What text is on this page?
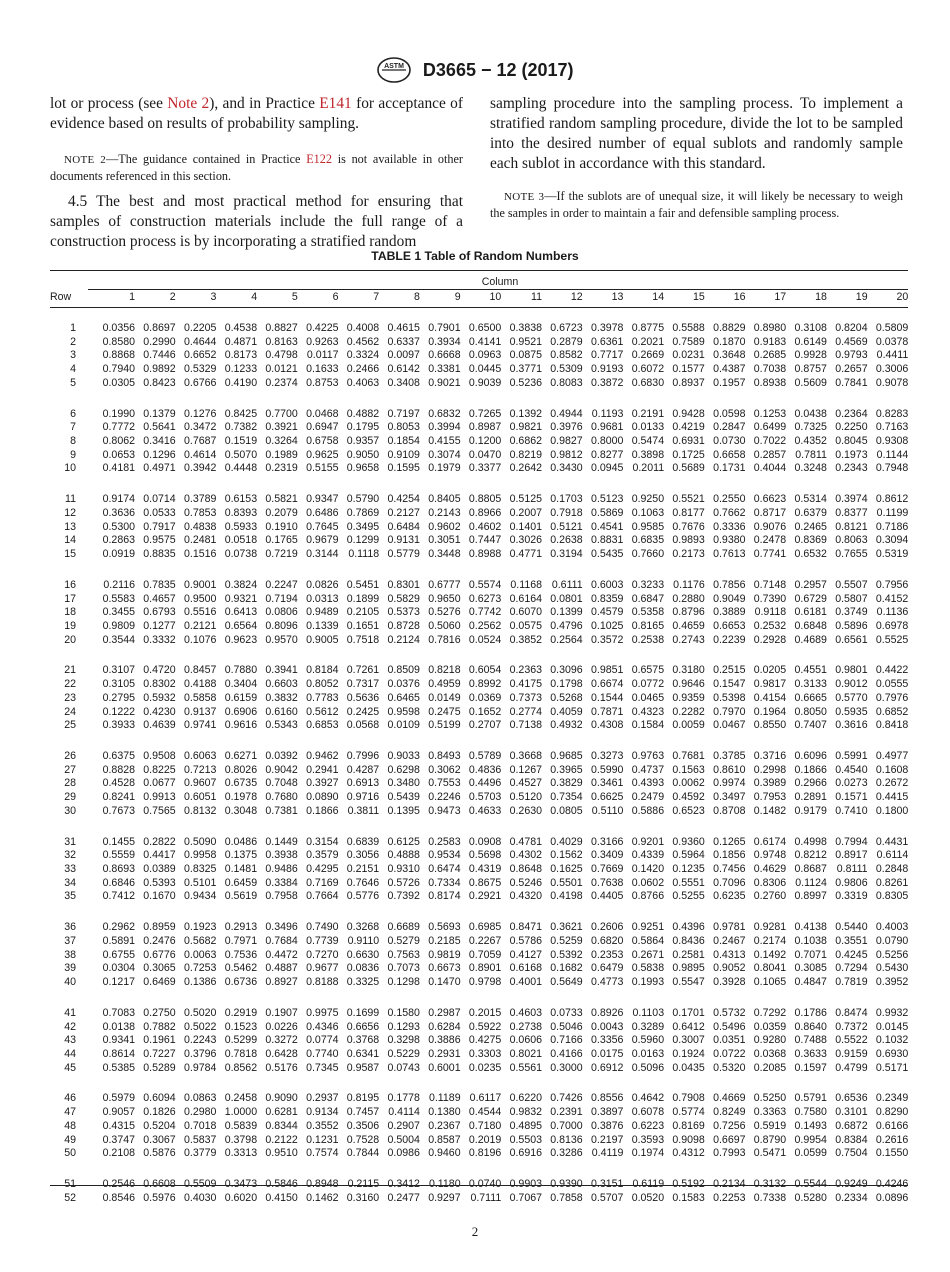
ASTM D3665 − 12 (2017)

lot or process (see Note 2), and in Practice E141 for acceptance of evidence based on results of probability sampling.

NOTE 2—The guidance contained in Practice E122 is not available in other documents referenced in this section.

4.5 The best and most practical method for ensuring that samples of construction materials include the full range of a construction process is by incorporating a stratified random

sampling procedure into the sampling process. To implement a stratified random sampling procedure, divide the lot to be sampled into the desired number of equal sublots and randomly sample each sublot in accordance with this standard.

NOTE 3—If the sublots are of unequal size, it will likely be necessary to weigh the samples in order to maintain a fair and defensible sampling process.

TABLE 1 Table of Random Numbers
Column
Row	1	2	3	4	5	6	7	8	9	10	11	12	13	14	15	16	17	18	19	20
1	0.0356 0.8697 0.2205 0.4538 0.8827 0.4225 0.4008 0.4615 0.7901 0.6500 0.3838 0.6723 0.3978 0.8775 0.5588 0.8829 0.8980 0.3108 0.8204 0.5809
2	0.8580 0.2990 0.4644 0.4871 0.8163 0.9263 0.4562 0.6337 0.3934 0.4141 0.9521 0.2879 0.6361 0.2021 0.7589 0.1870 0.9183 0.6149 0.4569 0.0378
3	0.8868 0.7446 0.6652 0.8173 0.4798 0.0117 0.3324 0.0097 0.6668 0.0963 0.0875 0.8582 0.7717 0.2669 0.0231 0.3648 0.2685 0.9928 0.9793 0.4411
4	0.7940 0.9892 0.5329 0.1233 0.0121 0.1633 0.2466 0.6142 0.3381 0.0445 0.3771 0.5309 0.9193 0.6072 0.1577 0.4387 0.7038 0.8757 0.2657 0.3006
5	0.0305 0.8423 0.6766 0.4190 0.2374 0.8753 0.4063 0.3408 0.9021 0.9039 0.5236 0.8083 0.3872 0.6830 0.8937 0.1957 0.8938 0.5609 0.7841 0.9078
6	0.1990 0.1379 0.1276 0.8425 0.7700 0.0468 0.4882 0.7197 0.6832 0.7265 0.1392 0.4944 0.1193 0.2191 0.9428 0.0598 0.1253 0.0438 0.2364 0.8283
7	0.7772 0.5641 0.3472 0.7382 0.3921 0.6947 0.1795 0.8053 0.3994 0.8987 0.9821 0.3976 0.9681 0.0133 0.4219 0.2847 0.6499 0.7325 0.2250 0.7163
8	0.8062 0.3416 0.7687 0.1519 0.3264 0.6758 0.9357 0.1854 0.4155 0.1200 0.6862 0.9827 0.8000 0.5474 0.6931 0.0730 0.7022 0.4352 0.8045 0.9308
9	0.0653 0.1296 0.4614 0.5070 0.1989 0.9625 0.9050 0.9109 0.3074 0.0470 0.8219 0.9812 0.8277 0.3898 0.1725 0.6658 0.2857 0.7811 0.1973 0.1144
10	0.4181 0.4971 0.3942 0.4448 0.2319 0.5155 0.9658 0.1595 0.1979 0.3377 0.2642 0.3430 0.0945 0.2011 0.5689 0.1731 0.4044 0.3248 0.2343 0.7948
11	0.9174 0.0714 0.3789 0.6153 0.5821 0.9347 0.5790 0.4254 0.8405 0.8805 0.5125 0.1703 0.5123 0.9250 0.5521 0.2550 0.6623 0.5314 0.3974 0.8612
12	0.3636 0.0533 0.7853 0.8393 0.2079 0.6486 0.7869 0.2127 0.2143 0.8966 0.2007 0.7918 0.5869 0.1063 0.8177 0.7662 0.8717 0.6379 0.8377 0.1199
13	0.5300 0.7917 0.4838 0.5933 0.1910 0.7645 0.3495 0.6484 0.9602 0.4602 0.1401 0.5121 0.4541 0.9585 0.7676 0.3336 0.9076 0.2465 0.8121 0.7186
14	0.2863 0.9575 0.2481 0.0518 0.1765 0.9679 0.1299 0.9131 0.3051 0.7447 0.3026 0.2638 0.8831 0.6835 0.9893 0.9380 0.2478 0.8369 0.8063 0.3094
15	0.0919 0.8835 0.1516 0.0738 0.7219 0.3144 0.1118 0.5779 0.3448 0.8988 0.4771 0.3194 0.5435 0.7660 0.2173 0.7613 0.7741 0.6532 0.7655 0.5319
16	0.2116 0.7835 0.9001 0.3824 0.2247 0.0826 0.5451 0.8301 0.6777 0.5574 0.1168 0.6111 0.6003 0.3233 0.1176 0.7856 0.7148 0.2957 0.5507 0.7956
17	0.5583 0.4657 0.9500 0.9321 0.7194 0.0313 0.1899 0.5829 0.9650 0.6273 0.6164 0.0801 0.8359 0.6847 0.2880 0.9049 0.7390 0.6729 0.5807 0.4152
18	0.3455 0.6793 0.5516 0.6413 0.0806 0.9489 0.2105 0.5373 0.5276 0.7742 0.6070 0.1399 0.4579 0.5358 0.8796 0.3889 0.9118 0.6181 0.3749 0.1136
19	0.9809 0.1277 0.2121 0.6564 0.8096 0.1339 0.1651 0.8728 0.5060 0.2562 0.0575 0.4796 0.1025 0.8165 0.4659 0.6653 0.2532 0.6848 0.5896 0.6978
20	0.3544 0.3332 0.1076 0.9623 0.9570 0.9005 0.7518 0.2124 0.7816 0.0524 0.3852 0.2564 0.3572 0.2538 0.2743 0.2239 0.2928 0.4689 0.6561 0.5525
21	0.3107 0.4720 0.8457 0.7880 0.3941 0.8184 0.7261 0.8509 0.8218 0.6054 0.2363 0.3096 0.9851 0.6575 0.3180 0.2515 0.0205 0.4551 0.9801 0.4422
22	0.3105 0.8302 0.4188 0.3404 0.6603 0.8052 0.7317 0.0376 0.4959 0.8992 0.4175 0.1798 0.6674 0.0772 0.9646 0.1547 0.9817 0.3133 0.9012 0.0555
23	0.2795 0.5932 0.5858 0.6159 0.3832 0.7783 0.5636 0.6465 0.0149 0.0369 0.7373 0.5268 0.1544 0.0465 0.9359 0.5398 0.4154 0.6665 0.5770 0.7976
24	0.1222 0.4230 0.9137 0.6906 0.6160 0.5612 0.2425 0.9598 0.2475 0.1652 0.2774 0.4059 0.7871 0.4323 0.2282 0.7970 0.1964 0.8050 0.5935 0.6852
25	0.3933 0.4639 0.9741 0.9616 0.5343 0.6853 0.0568 0.0109 0.5199 0.2707 0.7138 0.4932 0.4308 0.1584 0.0059 0.0467 0.8550 0.7407 0.3616 0.8418
26	0.6375 0.9508 0.6063 0.6271 0.0392 0.9462 0.7996 0.9033 0.8493 0.5789 0.3668 0.9685 0.3273 0.9763 0.7681 0.3785 0.3716 0.6096 0.5991 0.4977
27	0.8828 0.8225 0.7213 0.8026 0.9042 0.2941 0.4287 0.6298 0.3062 0.4836 0.1267 0.3965 0.5990 0.4737 0.1563 0.8610 0.2998 0.1866 0.4540 0.1608
28	0.4528 0.0677 0.9607 0.6735 0.7048 0.3927 0.6913 0.3480 0.7553 0.4496 0.4527 0.3829 0.3461 0.4393 0.0062 0.9974 0.3989 0.2966 0.0273 0.2672
29	0.8241 0.9913 0.6051 0.1978 0.7680 0.0890 0.9716 0.5439 0.2246 0.5703 0.5120 0.7354 0.6625 0.2479 0.4592 0.3497 0.7953 0.2891 0.1571 0.4415
30	0.7673 0.7565 0.8132 0.3048 0.7381 0.1866 0.3811 0.1395 0.9473 0.4633 0.2630 0.0805 0.5110 0.5886 0.6523 0.8708 0.1482 0.9179 0.7410 0.1800
31	0.1455 0.2822 0.5090 0.0486 0.1449 0.3154 0.6839 0.6125 0.2583 0.0908 0.4781 0.4029 0.3166 0.9201 0.9360 0.1265 0.6174 0.4998 0.7994 0.4431
32	0.5559 0.4417 0.9958 0.1375 0.3938 0.3579 0.3056 0.4888 0.9534 0.5698 0.4302 0.1562 0.3409 0.4339 0.5964 0.1856 0.9748 0.8212 0.8917 0.6114
33	0.8693 0.0389 0.8325 0.1481 0.9486 0.4295 0.2151 0.9310 0.6474 0.4319 0.8648 0.1625 0.7669 0.1420 0.1235 0.7456 0.4629 0.8687 0.8111 0.2848
34	0.6846 0.5393 0.5101 0.6459 0.3384 0.7169 0.7646 0.5726 0.7334 0.8675 0.5246 0.5501 0.7638 0.0602 0.5551 0.7096 0.8306 0.1124 0.9806 0.8261
35	0.7412 0.1670 0.9434 0.5619 0.7958 0.7664 0.5776 0.7392 0.8174 0.2921 0.4320 0.4198 0.4405 0.8766 0.5255 0.6235 0.2760 0.8997 0.3319 0.8305
36	0.2962 0.8959 0.1923 0.2913 0.3496 0.7490 0.3268 0.6689 0.5693 0.6985 0.8471 0.3621 0.2606 0.9251 0.4396 0.9781 0.9281 0.4138 0.5440 0.4003
37	0.5891 0.2476 0.5682 0.7971 0.7684 0.7739 0.9110 0.5279 0.2185 0.2267 0.5786 0.5259 0.6820 0.5864 0.8436 0.2467 0.2174 0.1038 0.3551 0.0790
38	0.6755 0.6776 0.0063 0.7536 0.4472 0.7270 0.6630 0.7563 0.9819 0.7059 0.4127 0.5392 0.2353 0.2671 0.2581 0.4313 0.1492 0.7071 0.4245 0.5256
39	0.0304 0.3065 0.7253 0.5462 0.4887 0.9677 0.0836 0.7073 0.6673 0.8901 0.6168 0.1682 0.6479 0.5838 0.9895 0.9052 0.8041 0.3085 0.7294 0.5430
40	0.1217 0.6469 0.1386 0.6736 0.8927 0.8188 0.3325 0.1298 0.1470 0.9798 0.4001 0.5649 0.4773 0.1993 0.5547 0.3928 0.1065 0.4847 0.7819 0.3952
41	0.7083 0.2750 0.5020 0.2919 0.1907 0.9975 0.1699 0.1580 0.2987 0.2015 0.4603 0.0733 0.8926 0.1103 0.1701 0.5732 0.7292 0.1786 0.8474 0.9932
42	0.0138 0.7882 0.5022 0.1523 0.0226 0.4346 0.6656 0.1293 0.6284 0.5922 0.2738 0.5046 0.0043 0.3289 0.6412 0.5496 0.0359 0.8640 0.7372 0.0145
43	0.9341 0.1961 0.2243 0.5299 0.3272 0.0774 0.3768 0.3298 0.3886 0.4275 0.0606 0.7166 0.3356 0.5960 0.3007 0.0351 0.9280 0.7488 0.5522 0.1032
44	0.8614 0.7227 0.3796 0.7818 0.6428 0.7740 0.6341 0.5229 0.2931 0.3303 0.8021 0.4166 0.0175 0.0163 0.1924 0.0722 0.0368 0.3633 0.9159 0.6930
45	0.5385 0.5289 0.9784 0.8562 0.5176 0.7345 0.9587 0.0743 0.6001 0.0235 0.5561 0.3000 0.6912 0.5096 0.0435 0.5320 0.2085 0.1597 0.4799 0.5171
46	0.5979 0.6094 0.0863 0.2458 0.9090 0.2937 0.8195 0.1778 0.1189 0.6117 0.6220 0.7426 0.8556 0.4642 0.7908 0.4669 0.5250 0.5791 0.6536 0.2349
47	0.9057 0.1826 0.2980 1.0000 0.6281 0.9134 0.7457 0.4114 0.1380 0.4544 0.9832 0.2391 0.3897 0.6078 0.5774 0.8249 0.3363 0.7580 0.3101 0.8290
48	0.4315 0.5204 0.7018 0.5839 0.8344 0.3552 0.3506 0.2907 0.2367 0.7180 0.4895 0.7000 0.3876 0.6223 0.8169 0.7256 0.5919 0.1493 0.6872 0.6166
49	0.3747 0.3067 0.5837 0.3798 0.2122 0.1231 0.7528 0.5004 0.8587 0.2019 0.5503 0.8136 0.2197 0.3593 0.9098 0.6697 0.8790 0.9954 0.8384 0.2616
50	0.2108 0.5876 0.3779 0.3313 0.9510 0.7574 0.7844 0.0986 0.9460 0.8196 0.6916 0.3286 0.4119 0.1974 0.4312 0.7993 0.5471 0.0599 0.7504 0.1550
51	0.2546 0.6608 0.5509 0.3473 0.5846 0.8948 0.2115 0.3412 0.1180 0.0740 0.9903 0.9390 0.3151 0.6119 0.5192 0.2134 0.3132 0.5544 0.9249 0.4246
52	0.8546 0.5976 0.4030 0.6020 0.4150 0.1462 0.3160 0.2477 0.9297 0.7111 0.7067 0.7858 0.5707 0.0520 0.1583 0.2253 0.7338 0.5280 0.2334 0.0896
2
